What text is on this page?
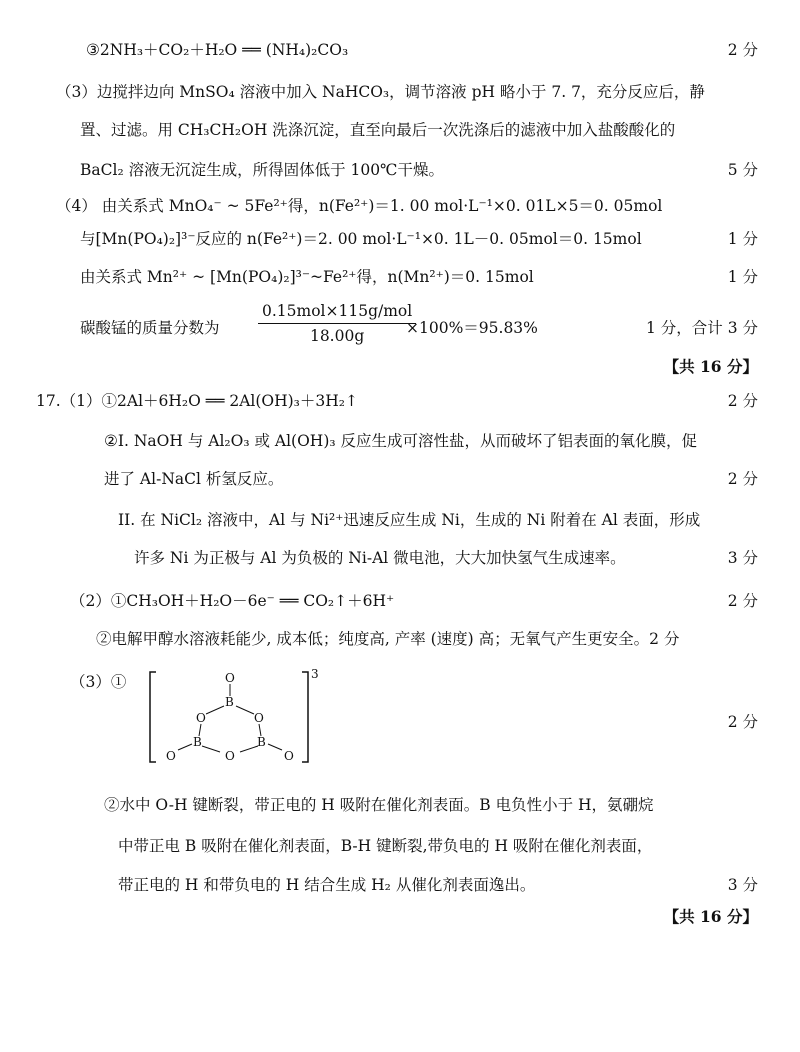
③2NH₃＋CO₂＋H₂O ══ (NH₄)₂CO₃	2 分
（3）边搅拌边向 MnSO₄ 溶液中加入 NaHCO₃，调节溶液 pH 略小于 7. 7，充分反应后，静
置、过滤。用 CH₃CH₂OH 洗涤沉淀，直至向最后一次洗涤后的滤液中加入盐酸酸化的
BaCl₂ 溶液无沉淀生成，所得固体低于 100℃干燥。	5 分
（4） 由关系式 MnO₄⁻ ~ 5Fe²⁺得，n(Fe²⁺)＝1. 00 mol·L⁻¹×0. 01L×5＝0. 05mol
与[Mn(PO₄)₂]³⁻反应的 n(Fe²⁺)＝2. 00 mol·L⁻¹×0. 1L－0. 05mol＝0. 15mol	1 分
由关系式 Mn²⁺ ~ [Mn(PO₄)₂]³⁻~Fe²⁺得，n(Mn²⁺)＝0. 15mol	1 分
碳酸锰的质量分数为
0.15mol×115g/mol
18.00g	×100%＝95.83%	1 分，合计 3 分
【共 16 分】
17.（1）①2Al＋6H₂O ══ 2Al(OH)₃＋3H₂↑	2 分
②I. NaOH 与 Al₂O₃ 或 Al(OH)₃ 反应生成可溶性盐，从而破坏了铝表面的氧化膜，促
进了 Al-NaCl 析氢反应。	2 分
II. 在 NiCl₂ 溶液中，Al 与 Ni²⁺迅速反应生成 Ni，生成的 Ni 附着在 Al 表面，形成
许多 Ni 为正极与 Al 为负极的 Ni-Al 微电池，大大加快氢气生成速率。	3 分
（2）①CH₃OH＋H₂O－6e⁻ ══ CO₂↑＋6H⁺	2 分
②电解甲醇水溶液耗能少, 成本低；纯度高, 产率 (速度) 高；无氧气产生更安全。2 分
（3）①
2 分
3
O
B
O	O
B	B
O
O	O
②水中 O-H 键断裂，带正电的 H 吸附在催化剂表面。B 电负性小于 H，氨硼烷
中带正电 B 吸附在催化剂表面，B-H 键断裂,带负电的 H 吸附在催化剂表面，
带正电的 H 和带负电的 H 结合生成 H₂ 从催化剂表面逸出。	3 分
【共 16 分】
